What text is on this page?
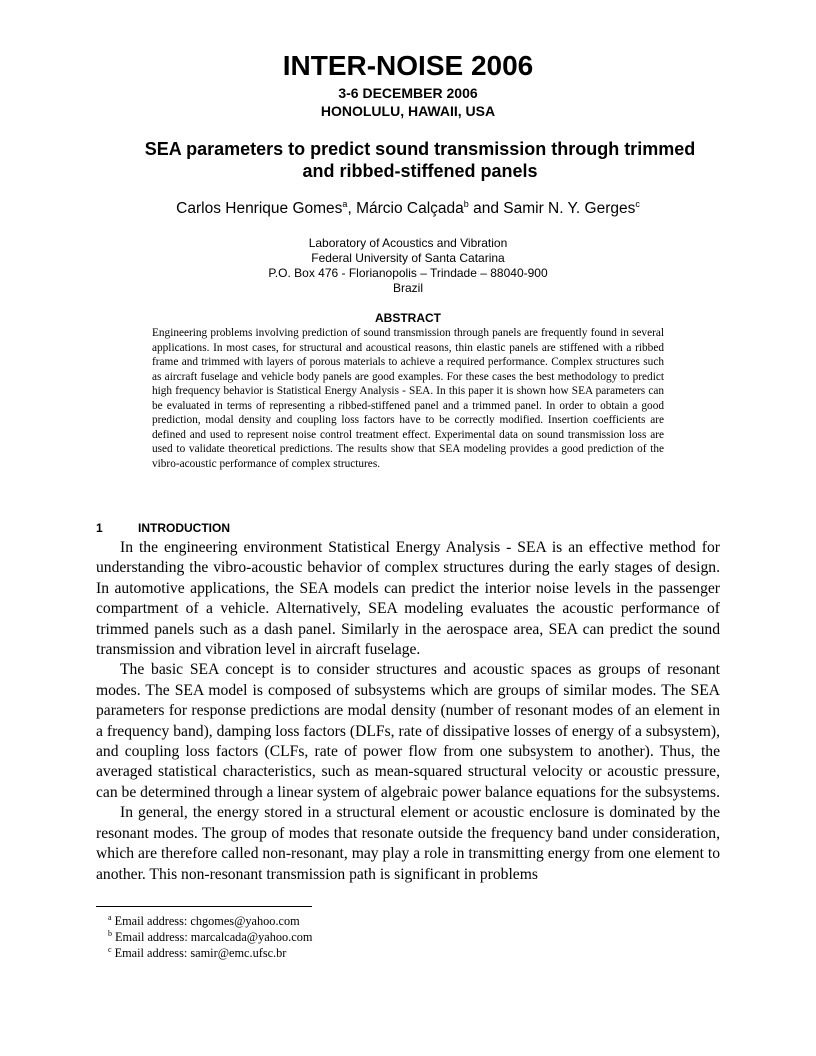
INTER-NOISE 2006
3-6 DECEMBER 2006
HONOLULU, HAWAII, USA
SEA parameters to predict sound transmission through trimmed
and ribbed-stiffened panels
Carlos Henrique Gomes$^a$, Márcio Calçada$^b$ and Samir N. Y. Gerges$^c$
Laboratory of Acoustics and Vibration
Federal University of Santa Catarina
P.O. Box 476 - Florianopolis – Trindade – 88040-900
Brazil
ABSTRACT
Engineering problems involving prediction of sound transmission through panels are frequently found in several applications. In most cases, for structural and acoustical reasons, thin elastic panels are stiffened with a ribbed frame and trimmed with layers of porous materials to achieve a required performance. Complex structures such as aircraft fuselage and vehicle body panels are good examples. For these cases the best methodology to predict high frequency behavior is Statistical Energy Analysis - SEA. In this paper it is shown how SEA parameters can be evaluated in terms of representing a ribbed-stiffened panel and a trimmed panel. In order to obtain a good prediction, modal density and coupling loss factors have to be correctly modified. Insertion coefficients are defined and used to represent noise control treatment effect. Experimental data on sound transmission loss are used to validate theoretical predictions. The results show that SEA modeling provides a good prediction of the vibro-acoustic performance of complex structures.
1	INTRODUCTION

In the engineering environment Statistical Energy Analysis - SEA is an effective method for understanding the vibro-acoustic behavior of complex structures during the early stages of design. In automotive applications, the SEA models can predict the interior noise levels in the passenger compartment of a vehicle. Alternatively, SEA modeling evaluates the acoustic performance of trimmed panels such as a dash panel. Similarly in the aerospace area, SEA can predict the sound transmission and vibration level in aircraft fuselage.

The basic SEA concept is to consider structures and acoustic spaces as groups of resonant modes. The SEA model is composed of subsystems which are groups of similar modes. The SEA parameters for response predictions are modal density (number of resonant modes of an element in a frequency band), damping loss factors (DLFs, rate of dissipative losses of energy of a subsystem), and coupling loss factors (CLFs, rate of power flow from one subsystem to another). Thus, the averaged statistical characteristics, such as mean-squared structural velocity or acoustic pressure, can be determined through a linear system of algebraic power balance equations for the subsystems.

In general, the energy stored in a structural element or acoustic enclosure is dominated by the resonant modes. The group of modes that resonate outside the frequency band under consideration, which are therefore called non-resonant, may play a role in transmitting energy from one element to another. This non-resonant transmission path is significant in problems

$^a$ Email address: chgomes@yahoo.com
$^b$ Email address: marcalcada@yahoo.com
$^c$ Email address: samir@emc.ufsc.br
